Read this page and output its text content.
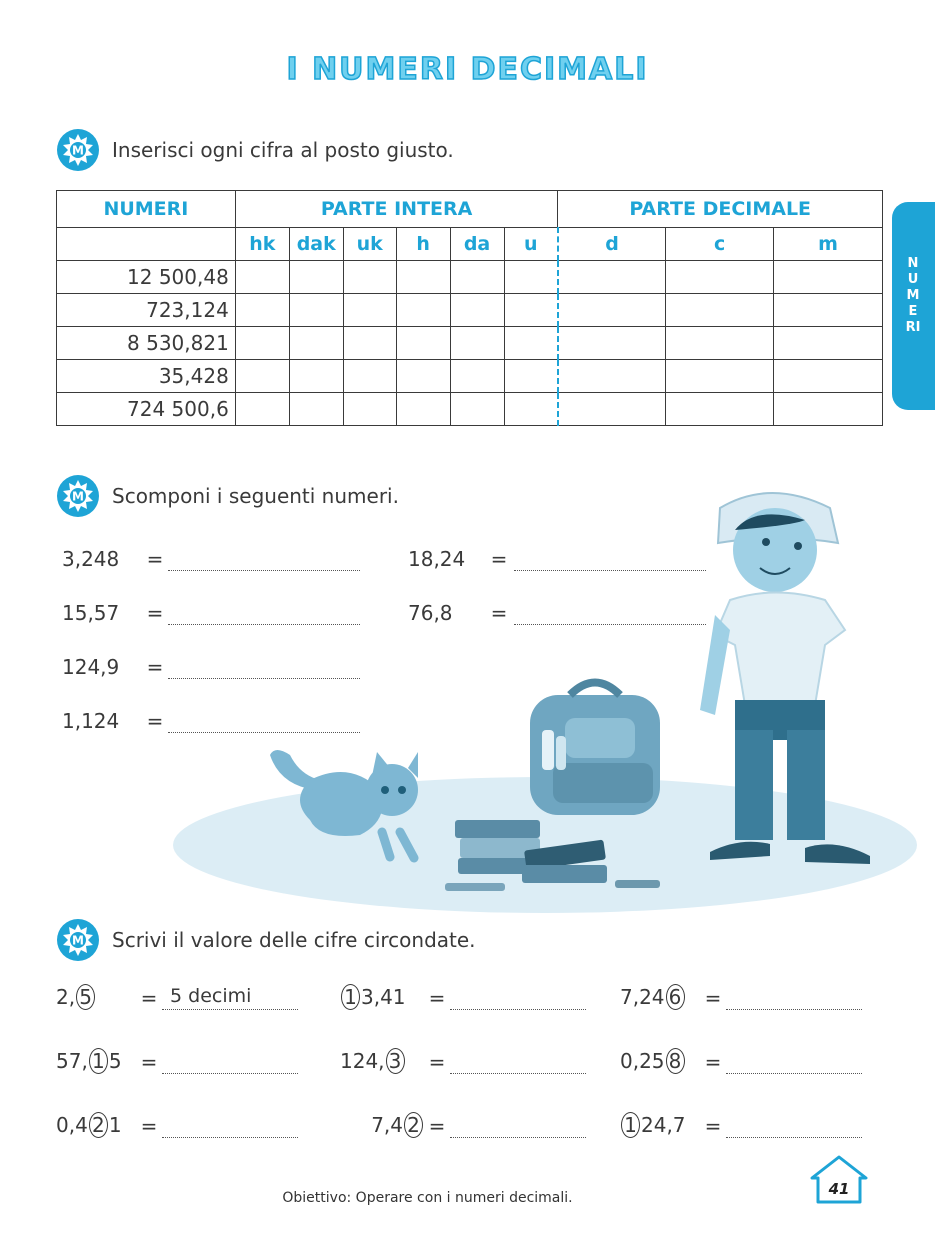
I NUMERI DECIMALI
NUMERI
M Inserisci ogni cifra al posto giusto.
NUMERI	PARTE INTERA						PARTE DECIMALE		
	hk	dak	uk	h	da	u	d	c	m
12 500,48									
723,124									
8 530,821									
35,428									
724 500,6									
M Scomponi i seguenti numeri.
3,248	=
15,57	=
124,9	=
1,124	=
18,24	=
76,8	=
M Scrivi il valore delle cifre circondate.
2, 5	= 5 decimi	1 3,41	=	7,24 6	=
57, 1 5 =	124, 3	=	0,25 8	=
0,4 2 1 =	7,4 2 =	1 24,7 =
Obiettivo: Operare con i numeri decimali.	41
